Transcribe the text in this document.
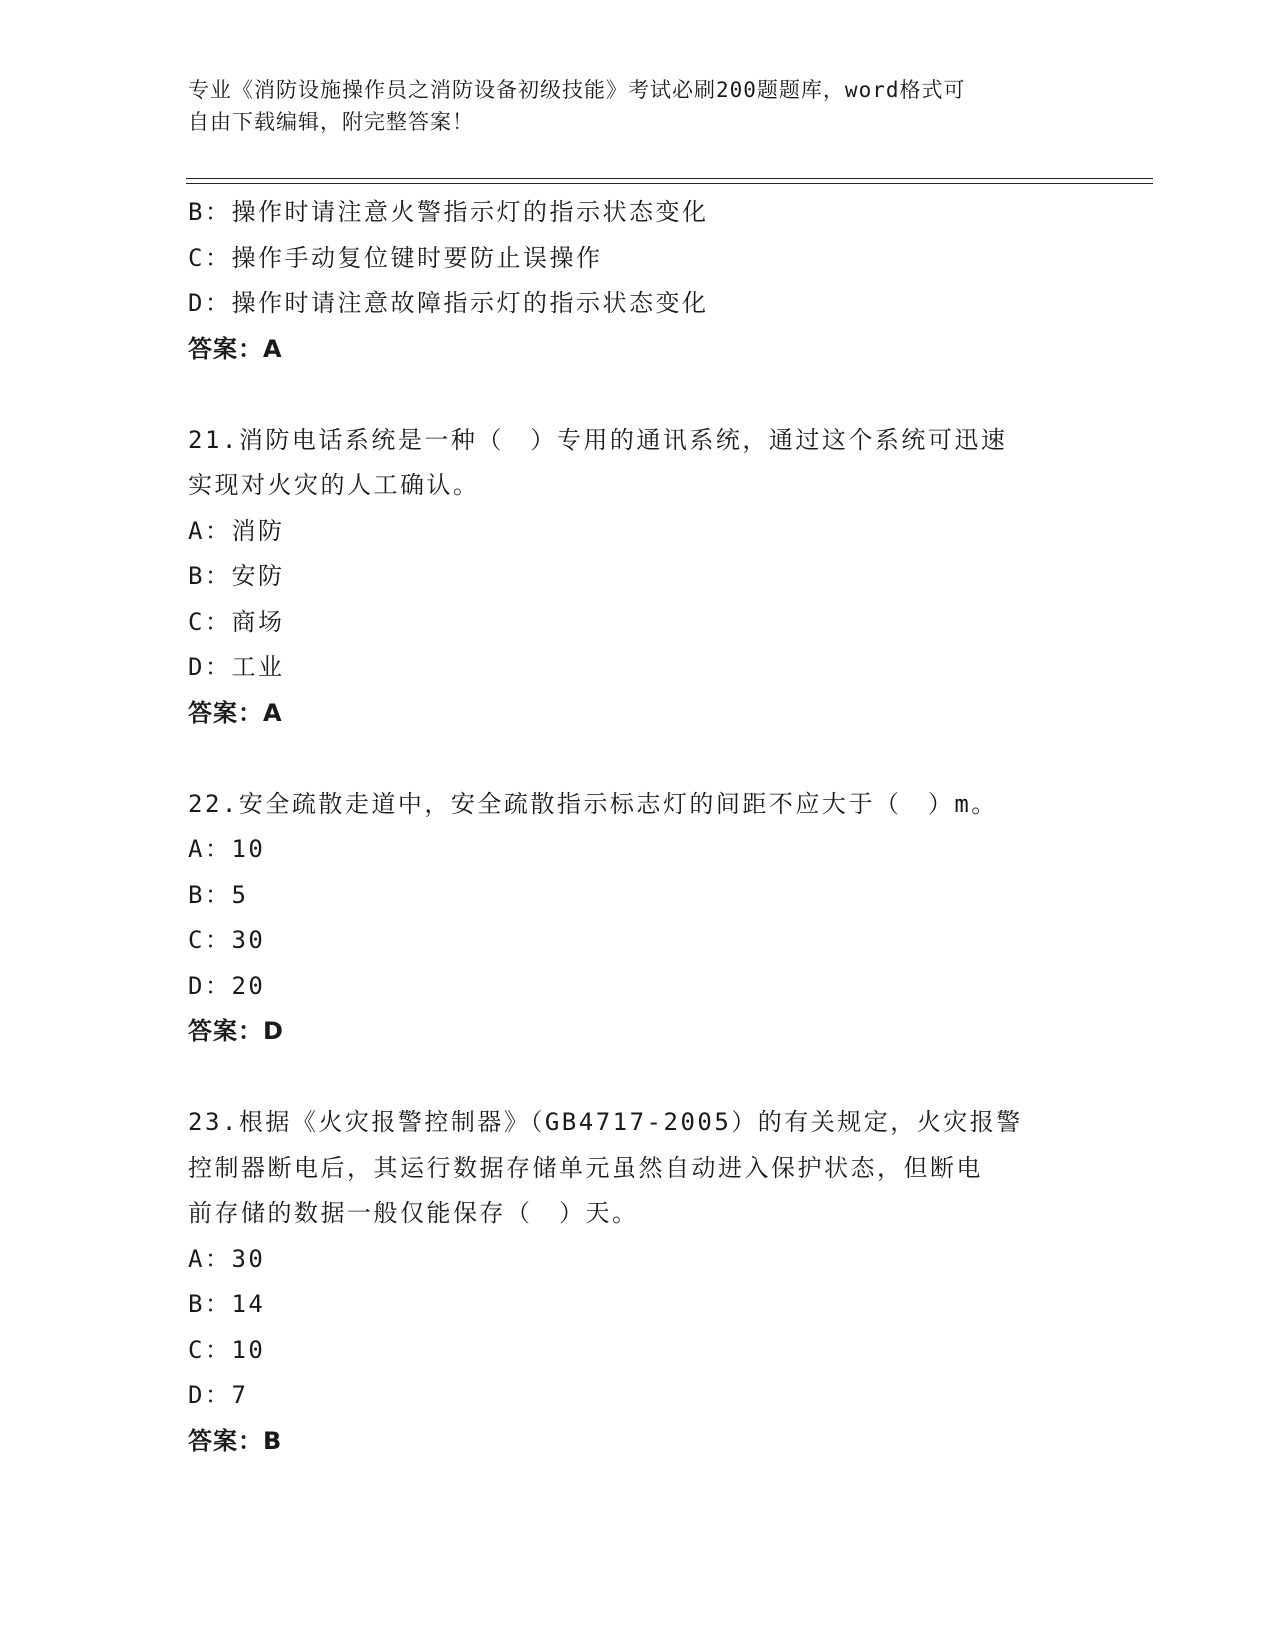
专业《消防设施操作员之消防设备初级技能》考试必刷200题题库，word格式可
自由下载编辑，附完整答案！
B：操作时请注意火警指示灯的指示状态变化
C：操作手动复位键时要防止误操作
D：操作时请注意故障指示灯的指示状态变化
答案：A
21.消防电话系统是一种（　）专用的通讯系统，通过这个系统可迅速
实现对火灾的人工确认。
A：消防
B：安防
C：商场
D：工业
答案：A
22.安全疏散走道中，安全疏散指示标志灯的间距不应大于（　）m。
A：10
B：5
C：30
D：20
答案：D
23.根据《火灾报警控制器》（GB4717-2005）的有关规定，火灾报警
控制器断电后，其运行数据存储单元虽然自动进入保护状态，但断电
前存储的数据一般仅能保存（　）天。
A：30
B：14
C：10
D：7
答案：B
